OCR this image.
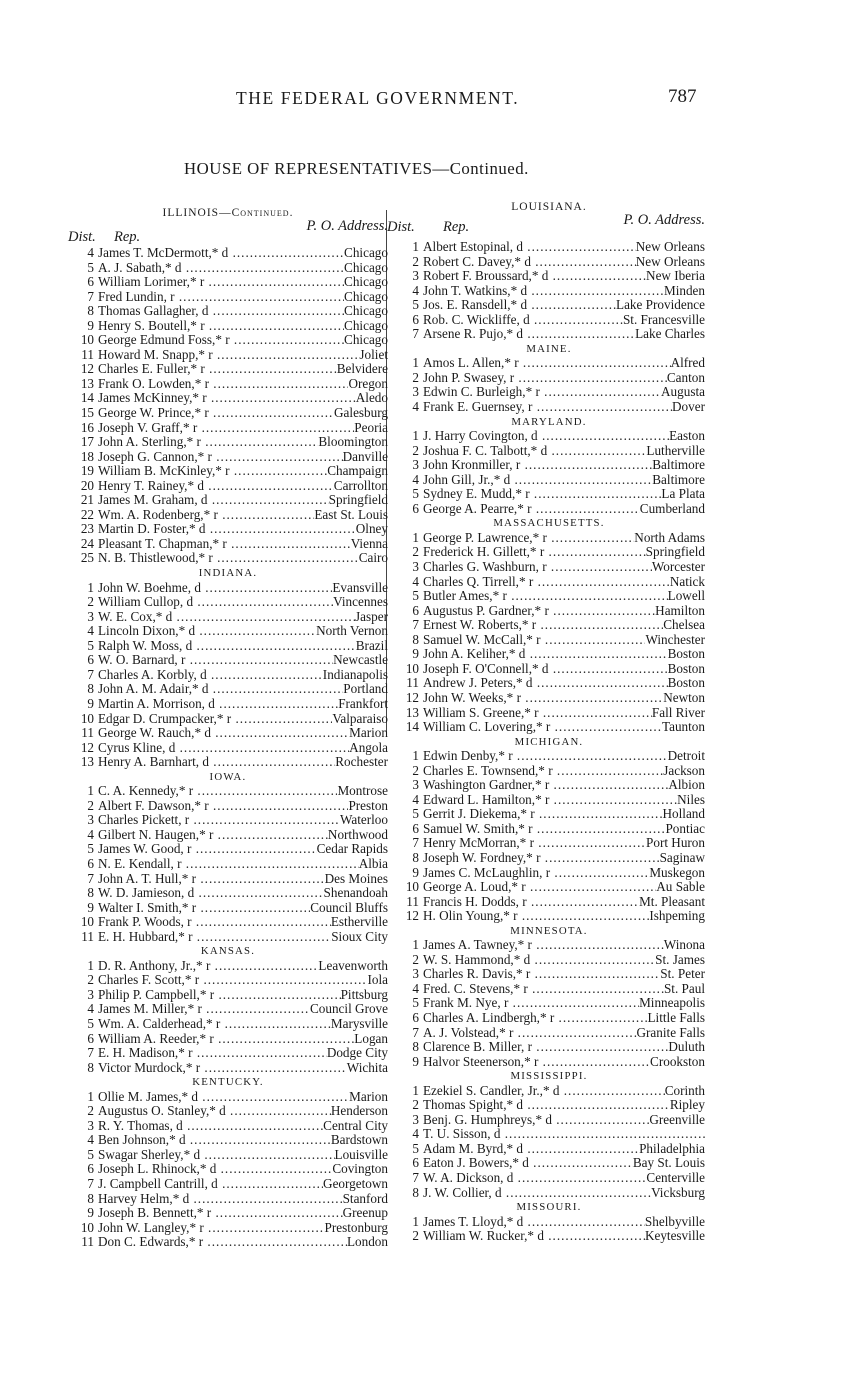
THE FEDERAL GOVERNMENT.	787
HOUSE OF REPRESENTATIVES—Continued.
ILLINOIS—Continued.
Dist. Rep.
P. O. Address.
4 James T. McDermott,* d .....	Chicago
5 A. J. Sabath,* d .....	Chicago
6 William Lorimer,* r .....	Chicago
7 Fred Lundin, r .....	Chicago
8 Thomas Gallagher, d .....	Chicago
9 Henry S. Boutell,* r .....	Chicago
10 George Edmund Foss,* r .....	Chicago
11 Howard M. Snapp,* r .....	Joliet
12 Charles E. Fuller,* r .....	Belvidere
13 Frank O. Lowden,* r .....	Oregon
14 James McKinney,* r .....	Aledo
15 George W. Prince,* r .....	Galesburg
16 Joseph V. Graff,* r .....	Peoria
17 John A. Sterling,* r .....	Bloomington
18 Joseph G. Cannon,* r .....	Danville
19 William B. McKinley,* r .....	Champaign
20 Henry T. Rainey,* d .....	Carrollton
21 James M. Graham, d .....	Springfield
22 Wm. A. Rodenberg,* r .....	East St. Louis
23 Martin D. Foster,* d .....	Olney
24 Pleasant T. Chapman,* r .....	Vienna
25 N. B. Thistlewood,* r .....	Cairo
INDIANA.
1 John W. Boehme, d .....	Evansville
2 William Cullop, d .....	Vincennes
3 W. E. Cox,* d .....	Jasper
4 Lincoln Dixon,* d .....	North Vernon
5 Ralph W. Moss, d .....	Brazil
6 W. O. Barnard, r .....	Newcastle
7 Charles A. Korbly, d .....	Indianapolis
8 John A. M. Adair,* d .....	Portland
9 Martin A. Morrison, d .....	Frankfort
10 Edgar D. Crumpacker,* r .....	Valparaiso
11 George W. Rauch,* d .....	Marion
12 Cyrus Kline, d .....	Angola
13 Henry A. Barnhart, d .....	Rochester
IOWA.
1 C. A. Kennedy,* r .....	Montrose
2 Albert F. Dawson,* r .....	Preston
3 Charles Pickett, r .....	Waterloo
4 Gilbert N. Haugen,* r .....	Northwood
5 James W. Good, r .....	Cedar Rapids
6 N. E. Kendall, r .....	Albia
7 John A. T. Hull,* r .....	Des Moines
8 W. D. Jamieson, d .....	Shenandoah
9 Walter I. Smith,* r .....	Council Bluffs
10 Frank P. Woods, r .....	Estherville
11 E. H. Hubbard,* r .....	Sioux City
KANSAS.
1 D. R. Anthony, Jr.,* r .....	Leavenworth
2 Charles F. Scott,* r .....	Iola
3 Philip P. Campbell,* r .....	Pittsburg
4 James M. Miller,* r .....	Council Grove
5 Wm. A. Calderhead,* r .....	Marysville
6 William A. Reeder,* r .....	Logan
7 E. H. Madison,* r .....	Dodge City
8 Victor Murdock,* r .....	Wichita
KENTUCKY.
1 Ollie M. James,* d .....	Marion
2 Augustus O. Stanley,* d .....	Henderson
3 R. Y. Thomas, d .....	Central City
4 Ben Johnson,* d .....	Bardstown
5 Swagar Sherley,* d .....	Louisville
6 Joseph L. Rhinock,* d .....	Covington
7 J. Campbell Cantrill, d .....	Georgetown
8 Harvey Helm,* d .....	Stanford
9 Joseph B. Bennett,* r .....	Greenup
10 John W. Langley,* r .....	Prestonburg
11 Don C. Edwards,* r .....	London
LOUISIANA.
Dist. Rep.	P. O. Address.
1 Albert Estopinal, d .....	New Orleans
2 Robert C. Davey,* d .....	New Orleans
3 Robert F. Broussard,* d .....	New Iberia
4 John T. Watkins,* d .....	Minden
5 Jos. E. Ransdell,* d .....	Lake Providence
6 Rob. C. Wickliffe, d .....	St. Francesville
7 Arsene R. Pujo,* d .....	Lake Charles
MAINE.
1 Amos L. Allen,* r .....	Alfred
2 John P. Swasey, r .....	Canton
3 Edwin C. Burleigh,* r .....	Augusta
4 Frank E. Guernsey, r .....	Dover
MARYLAND.
1 J. Harry Covington, d .....	Easton
2 Joshua F. C. Talbott,* d .....	Lutherville
3 John Kronmiller, r .....	Baltimore
4 John Gill, Jr.,* d .....	Baltimore
5 Sydney E. Mudd,* r .....	La Plata
6 George A. Pearre,* r .....	Cumberland
MASSACHUSETTS.
1 George P. Lawrence,* r .....	North Adams
2 Frederick H. Gillett,* r .....	Springfield
3 Charles G. Washburn, r .....	Worcester
4 Charles Q. Tirrell,* r .....	Natick
5 Butler Ames,* r .....	Lowell
6 Augustus P. Gardner,* r .....	Hamilton
7 Ernest W. Roberts,* r .....	Chelsea
8 Samuel W. McCall,* r .....	Winchester
9 John A. Keliher,* d .....	Boston
10 Joseph F. O'Connell,* d .....	Boston
11 Andrew J. Peters,* d .....	Boston
12 John W. Weeks,* r .....	Newton
13 William S. Greene,* r .....	Fall River
14 William C. Lovering,* r .....	Taunton
MICHIGAN.
1 Edwin Denby,* r .....	Detroit
2 Charles E. Townsend,* r .....	Jackson
3 Washington Gardner,* r .....	Albion
4 Edward L. Hamilton,* r .....	Niles
5 Gerrit J. Diekema,* r .....	Holland
6 Samuel W. Smith,* r .....	Pontiac
7 Henry McMorran,* r .....	Port Huron
8 Joseph W. Fordney,* r .....	Saginaw
9 James C. McLaughlin, r .....	Muskegon
10 George A. Loud,* r .....	Au Sable
11 Francis H. Dodds, r .....	Mt. Pleasant
12 H. Olin Young,* r .....	Ishpeming
MINNESOTA.
1 James A. Tawney,* r .....	Winona
2 W. S. Hammond,* d .....	St. James
3 Charles R. Davis,* r .....	St. Peter
4 Fred. C. Stevens,* r .....	St. Paul
5 Frank M. Nye, r .....	Minneapolis
6 Charles A. Lindbergh,* r .....	Little Falls
7 A. J. Volstead,* r .....	Granite Falls
8 Clarence B. Miller, r .....	Duluth
9 Halvor Steenerson,* r .....	Crookston
MISSISSIPPI.
1 Ezekiel S. Candler, Jr.,* d .....	Corinth
2 Thomas Spight,* d .....	Ripley
3 Benj. G. Humphreys,* d .....	Greenville
4 T. U. Sisson, d .....
5 Adam M. Byrd,* d .....	Philadelphia
6 Eaton J. Bowers,* d .....	Bay St. Louis
7 W. A. Dickson, d .....	Centerville
8 J. W. Collier, d .....	Vicksburg
MISSOURI.
1 James T. Lloyd,* d .....	Shelbyville
2 William W. Rucker,* d .....	Keytesville
